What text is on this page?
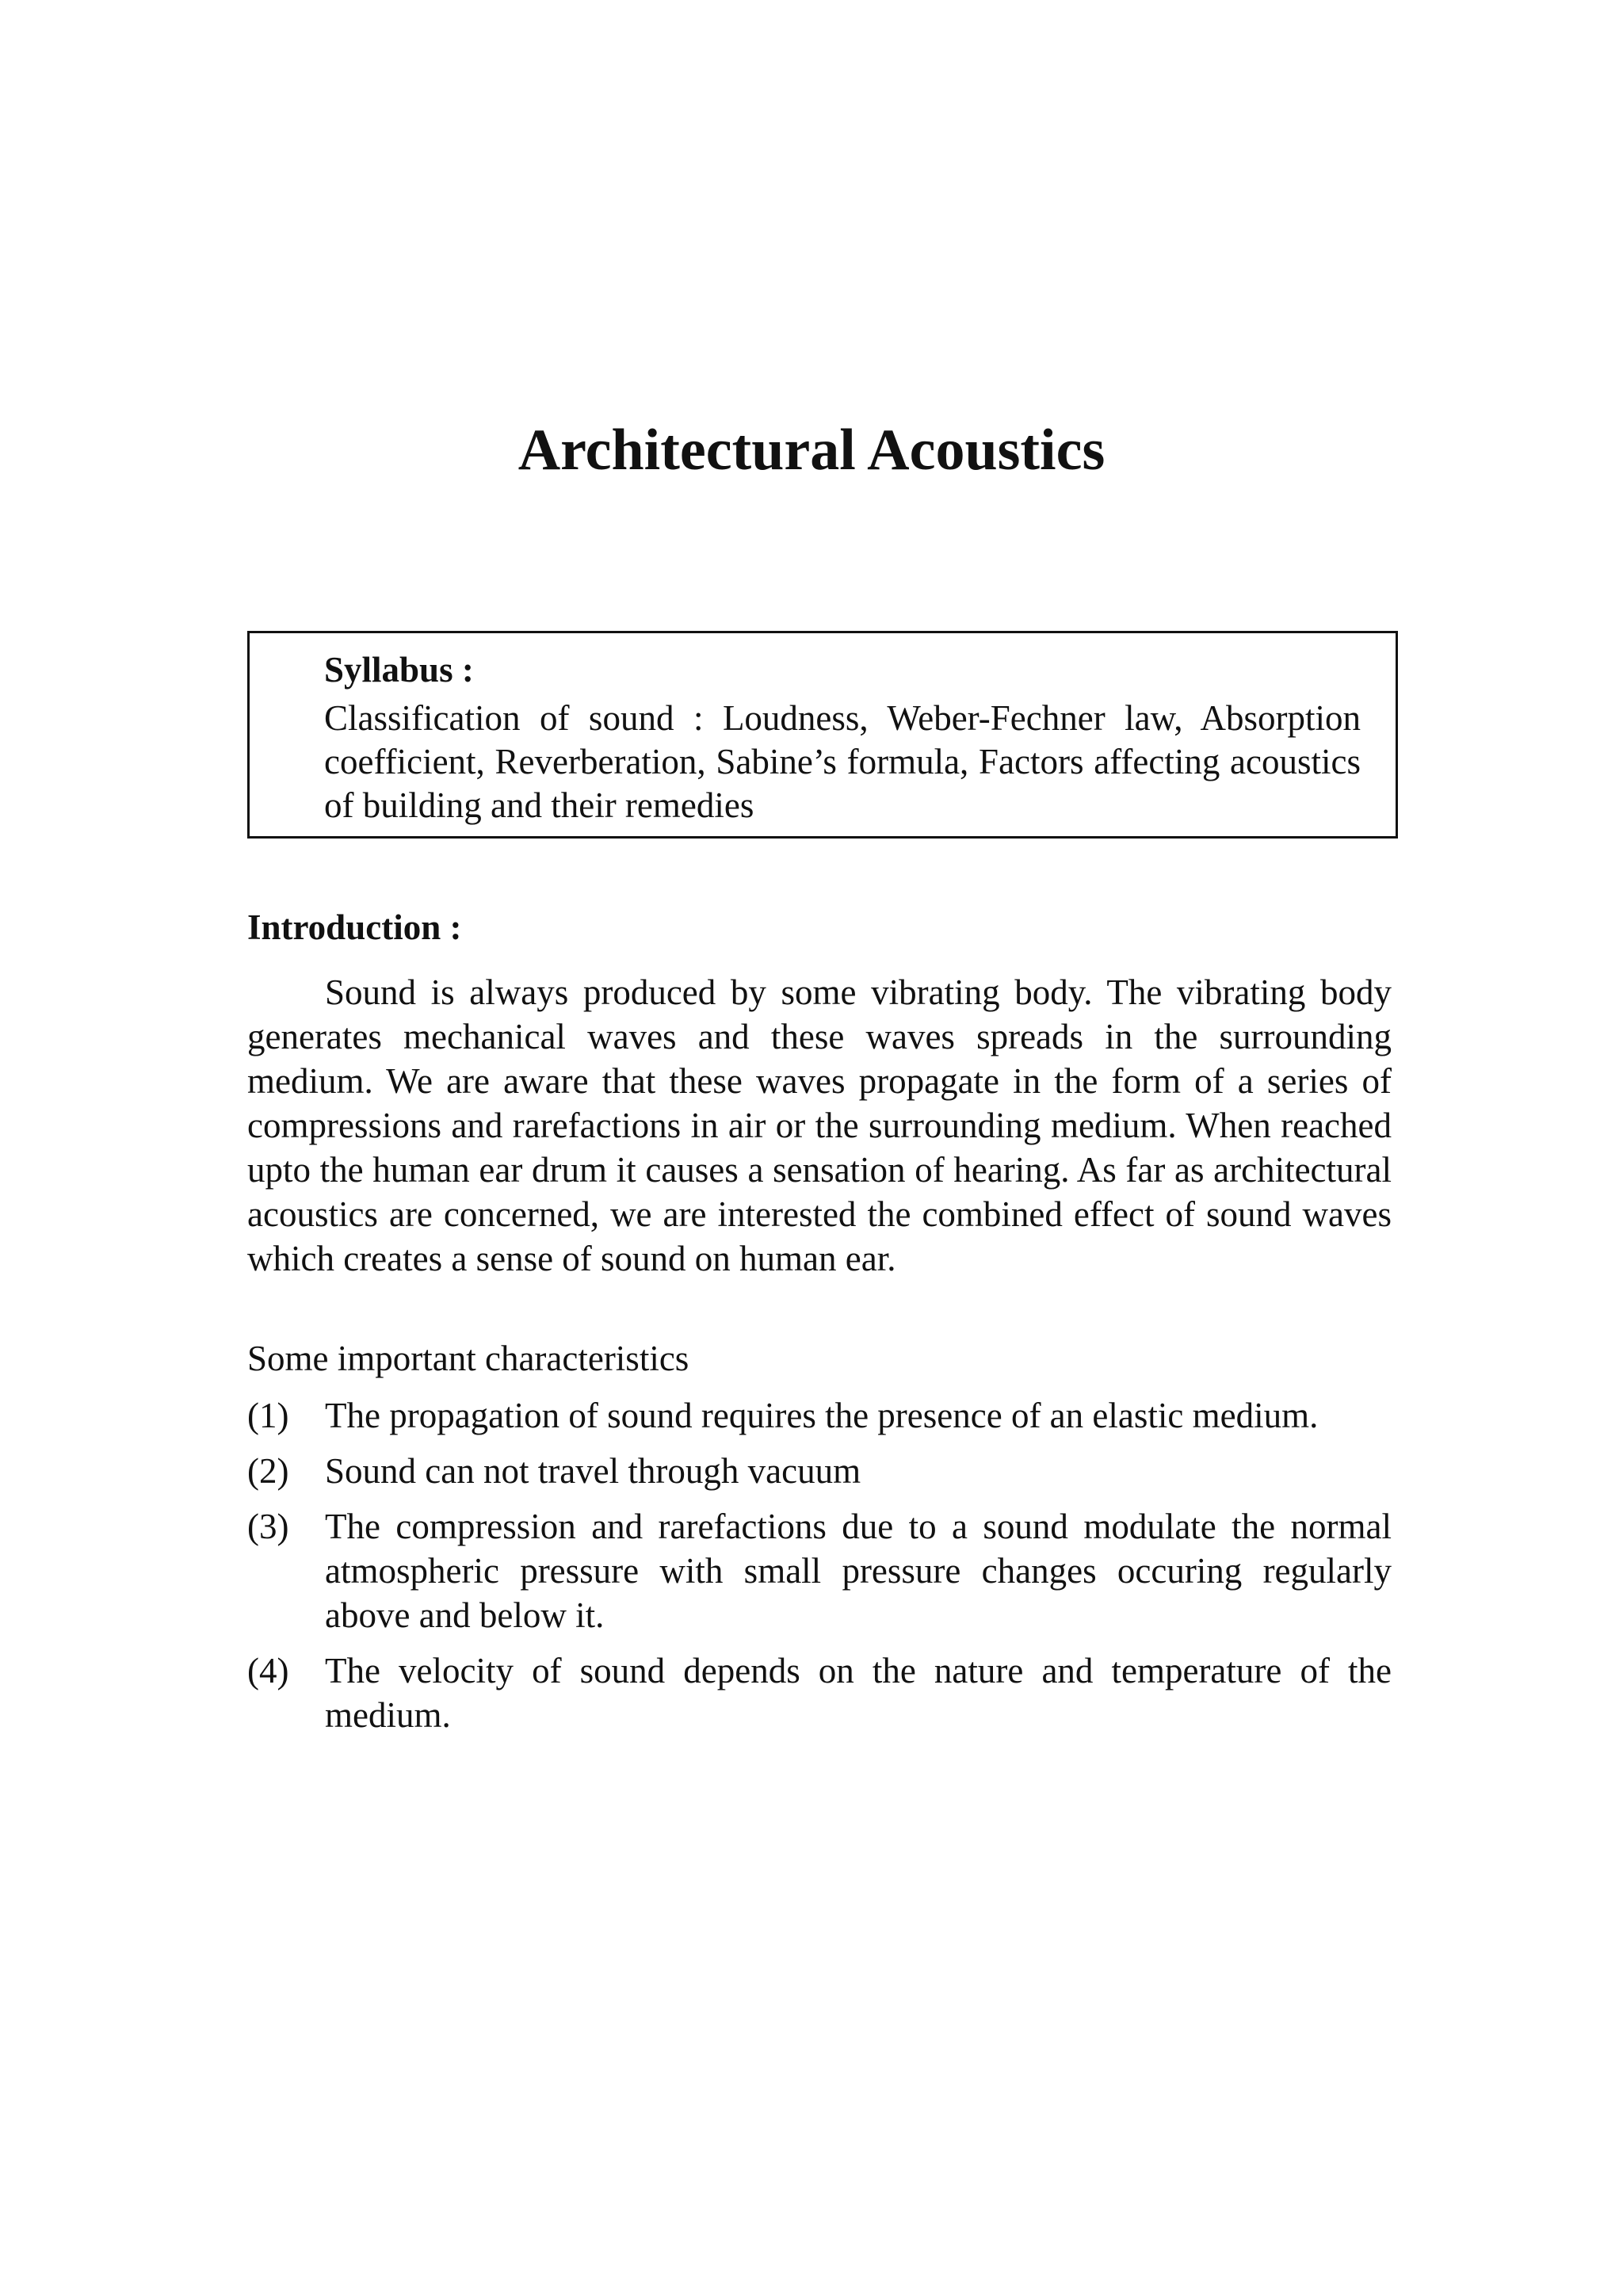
Architectural Acoustics
Syllabus :

Classification of sound : Loudness, Weber-Fechner law, Absorption coefficient, Reverberation, Sabine’s formula, Factors affecting acoustics of building and their remedies

Introduction :

Sound is always produced by some vibrating body. The vibrating body generates mechanical waves and these waves spreads in the surrounding medium. We are aware that these waves propagate in the form of a series of compressions and rarefactions in air or the surrounding medium. When reached upto the human ear drum it causes a sensation of hearing. As far as architectural acoustics are concerned, we are interested the combined effect of sound waves which creates a sense of sound on human ear.

Some important characteristics

(1) The propagation of sound requires the presence of an elastic medium.
(2) Sound can not travel through vacuum
(3) The compression and rarefactions due to a sound modulate the normal atmospheric pressure with small pressure changes occuring regularly above and below it.
(4) The velocity of sound depends on the nature and temperature of the medium.
